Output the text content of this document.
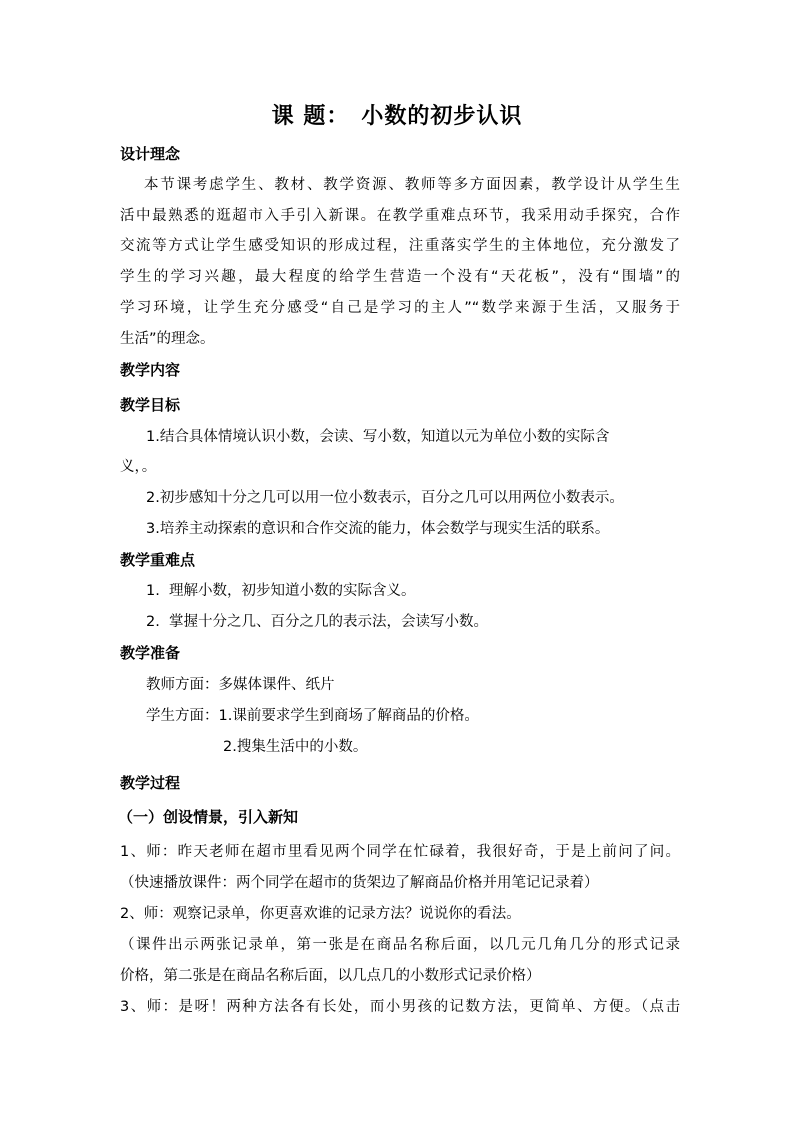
课 题： 小数的初步认识
设计理念
本节课考虑学生、教材、教学资源、教师等多方面因素，教学设计从学生生
活中最熟悉的逛超市入手引入新课。在教学重难点环节，我采用动手探究，合作
交流等方式让学生感受知识的形成过程，注重落实学生的主体地位，充分激发了
学生的学习兴趣，最大程度的给学生营造一个没有“天花板”，没有“围墙”的
学习环境，让学生充分感受“自己是学习的主人”“数学来源于生活，又服务于
生活”的理念。
教学内容
教学目标
1.结合具体情境认识小数，会读、写小数，知道以元为单位小数的实际含
义，。
2.初步感知十分之几可以用一位小数表示，百分之几可以用两位小数表示。
3.培养主动探索的意识和合作交流的能力，体会数学与现实生活的联系。
教学重难点
1.  理解小数，初步知道小数的实际含义。
2.  掌握十分之几、百分之几的表示法，会读写小数。
教学准备
教师方面：多媒体课件、纸片
学生方面：1.课前要求学生到商场了解商品的价格。
2.搜集生活中的小数。
教学过程
（一）创设情景，引入新知
1、师：昨天老师在超市里看见两个同学在忙碌着，我很好奇，于是上前问了问。
（快速播放课件：两个同学在超市的货架边了解商品价格并用笔记记录着）
2、师：观察记录单，你更喜欢谁的记录方法？说说你的看法。
（课件出示两张记录单，第一张是在商品名称后面，以几元几角几分的形式记录
价格，第二张是在商品名称后面，以几点几的小数形式记录价格）
3、师：是呀！两种方法各有长处，而小男孩的记数方法，更简单、方便。（点击
